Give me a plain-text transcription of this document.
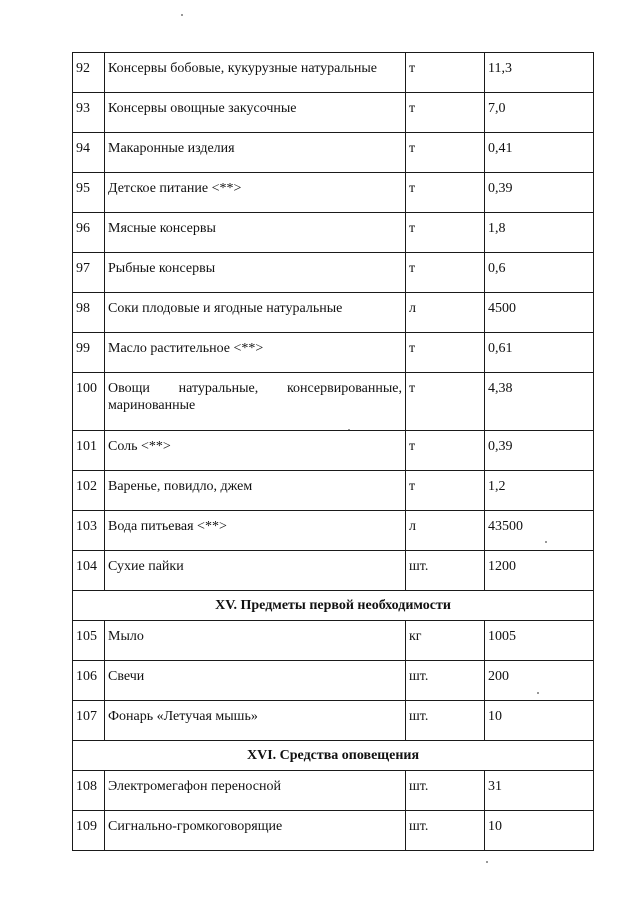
92	Консервы бобовые, кукурузные натуральные	т	11,3
93	Консервы овощные закусочные	т	7,0
94	Макаронные изделия	т	0,41
95	Детское питание <**>	т	0,39
96	Мясные консервы	т	1,8
97	Рыбные консервы	т	0,6
98	Соки плодовые и ягодные натуральные	л	4500
99	Масло растительное <**>	т	0,61
100	Овощи натуральные, консервированные, маринованные	т	4,38
101	Соль <**>	т	0,39
102	Варенье, повидло, джем	т	1,2
103	Вода питьевая <**>	л	43500
104	Сухие пайки	шт.	1200
XV. Предметы первой необходимости			
105	Мыло	кг	1005
106	Свечи	шт.	200
107	Фонарь «Летучая мышь»	шт.	10
XVI. Средства оповещения			
108	Электромегафон переносной	шт.	31
109	Сигнально-громкоговорящие	шт.	10
